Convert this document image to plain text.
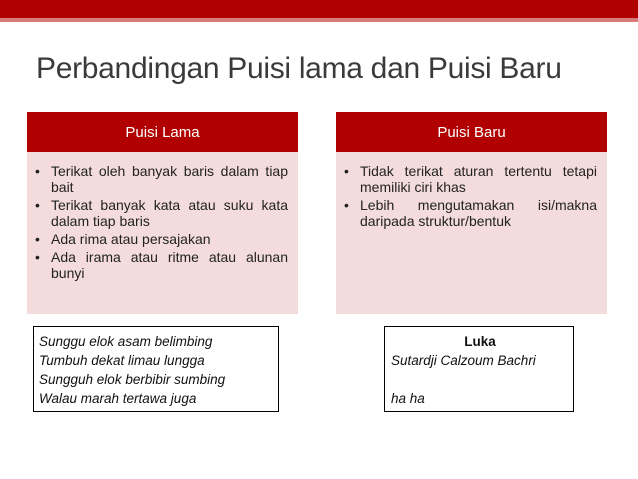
Perbandingan Puisi lama dan Puisi Baru
Puisi Lama
• Terikat oleh banyak baris dalam tiap bait
• Terikat banyak kata atau suku kata dalam tiap baris
• Ada rima atau persajakan
• Ada irama atau ritme atau alunan bunyi
Puisi Baru
• Tidak terikat aturan tertentu tetapi memiliki ciri khas
• Lebih mengutamakan isi/makna daripada struktur/bentuk
Sunggu elok asam belimbing
Tumbuh dekat limau lungga
Sungguh elok berbibir sumbing
Walau marah tertawa juga
Luka
Sutardji Calzoum Bachri
ha ha
